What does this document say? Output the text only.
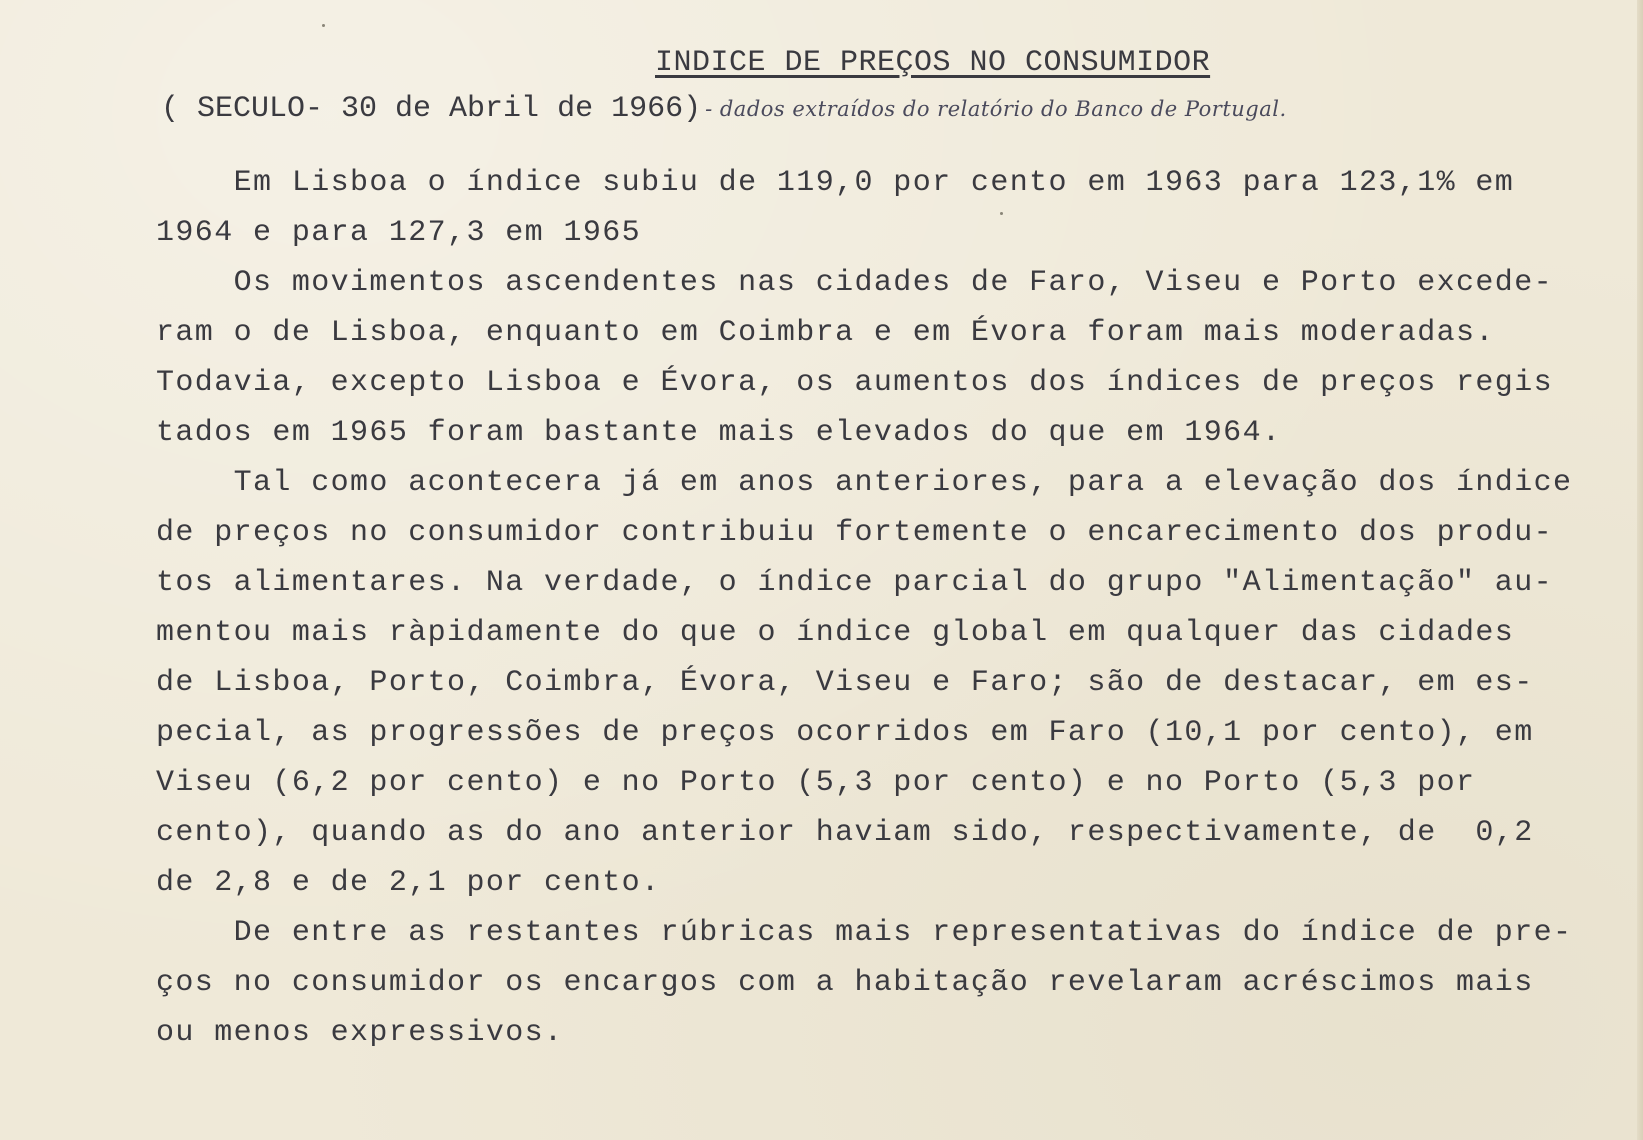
INDICE DE PREÇOS NO CONSUMIDOR
( SECULO- 30 de Abril de 1966) - dados extraídos do relatório do Banco de Portugal.
Em Lisboa o índice subiu de 119,0 por cento em 1963 para 123,1% em
1964 e para 127,3 em 1965
Os movimentos ascendentes nas cidades de Faro, Viseu e Porto excede-
ram o de Lisboa, enquanto em Coimbra e em Évora foram mais moderadas.
Todavia, excepto Lisboa e Évora, os aumentos dos índices de preços regis
tados em 1965 foram bastante mais elevados do que em 1964.
Tal como acontecera já em anos anteriores, para a elevação dos índice
de preços no consumidor contribuiu fortemente o encarecimento dos produ-
tos alimentares. Na verdade, o índice parcial do grupo "Alimentação" au-
mentou mais ràpidamente do que o índice global em qualquer das cidades
de Lisboa, Porto, Coimbra, Évora, Viseu e Faro; são de destacar, em es-
pecial, as progressões de preços ocorridos em Faro (10,1 por cento), em
Viseu (6,2 por cento) e no Porto (5,3 por cento) e no Porto (5,3 por
cento), quando as do ano anterior haviam sido, respectivamente, de  0,2
de 2,8 e de 2,1 por cento.
De entre as restantes rúbricas mais representativas do índice de pre-
ços no consumidor os encargos com a habitação revelaram acréscimos mais
ou menos expressivos.
